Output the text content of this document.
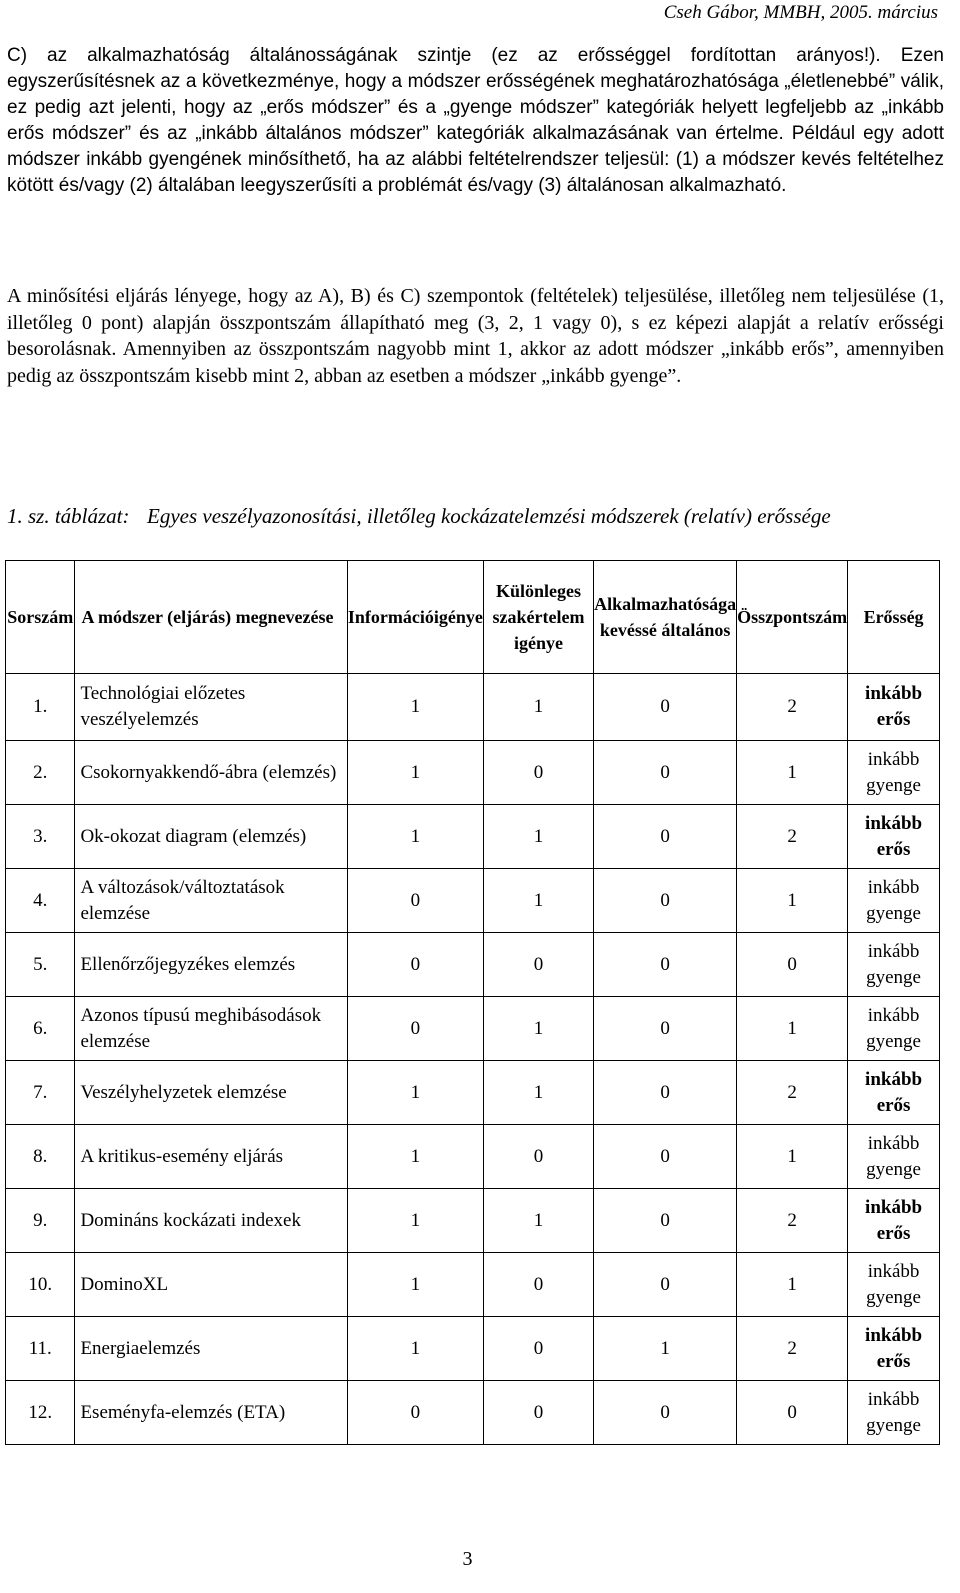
Cseh Gábor, MMBH, 2005. március
C) az alkalmazhatóság általánosságának szintje (ez az erősséggel fordítottan arányos!). Ezen egyszerűsítésnek az a következménye, hogy a módszer erősségének meghatározhatósága „életlenebbé” válik, ez pedig azt jelenti, hogy az „erős módszer” és a „gyenge módszer” kategóriák helyett legfeljebb az „inkább erős módszer” és az „inkább általános módszer” kategóriák alkalmazásának van értelme. Például egy adott módszer inkább gyengének minősíthető, ha az alábbi feltételrendszer teljesül: (1) a módszer kevés feltételhez kötött és/vagy (2) általában leegyszerűsíti a problémát és/vagy (3) általánosan alkalmazható.
A minősítési eljárás lényege, hogy az A), B) és C) szempontok (feltételek) teljesülése, illetőleg nem teljesülése (1, illetőleg 0 pont) alapján összpontszám állapítható meg (3, 2, 1 vagy 0), s ez képezi alapját a relatív erősségi besorolásnak. Amennyiben az összpontszám nagyobb mint 1, akkor az adott módszer „inkább erős”, amennyiben pedig az összpontszám kisebb mint 2, abban az esetben a módszer „inkább gyenge”.
1. sz. táblázat: Egyes veszélyazonosítási, illetőleg kockázatelemzési módszerek (relatív) erőssége
Sorszám	A módszer (eljárás) megnevezése	Információigénye	Különleges szakértelem igénye	Alkalmazhatósága kevéssé általános	Összpontszám	Erősség
1.	Technológiai előzetes veszélyelemzés	1	1	0	2	inkább erős
2.	Csokornyakkendő-ábra (elemzés)	1	0	0	1	inkább gyenge
3.	Ok-okozat diagram (elemzés)	1	1	0	2	inkább erős
4.	A változások/változtatások elemzése	0	1	0	1	inkább gyenge
5.	Ellenőrzőjegyzékes elemzés	0	0	0	0	inkább gyenge
6.	Azonos típusú meghibásodások elemzése	0	1	0	1	inkább gyenge
7.	Veszélyhelyzetek elemzése	1	1	0	2	inkább erős
8.	A kritikus-esemény eljárás	1	0	0	1	inkább gyenge
9.	Domináns kockázati indexek	1	1	0	2	inkább erős
10.	DominoXL	1	0	0	1	inkább gyenge
11.	Energiaelemzés	1	0	1	2	inkább erős
12.	Eseményfa-elemzés (ETA)	0	0	0	0	inkább gyenge
3
